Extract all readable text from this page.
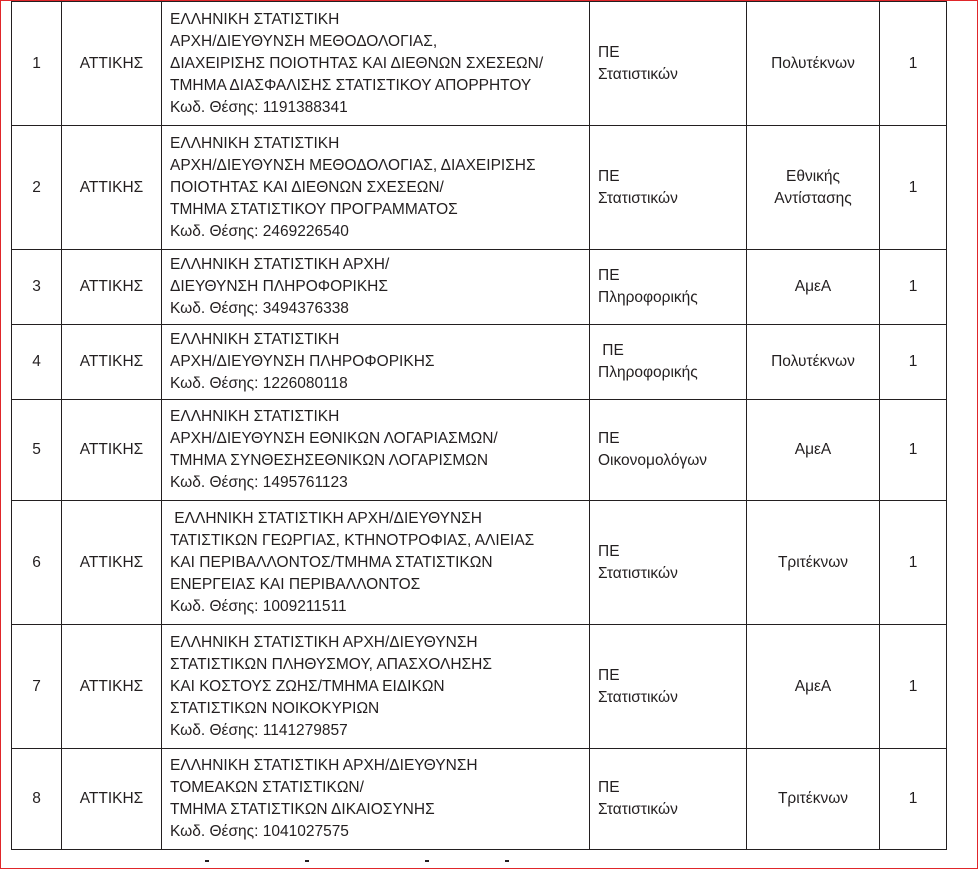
1	ΑΤΤΙΚΗΣ	ΕΛΛΗΝΙΚΗ ΣΤΑΤΙΣΤΙΚΗ
ΑΡΧΗ/ΔΙΕΥΘΥΝΣΗ ΜΕΘΟΔΟΛΟΓΙΑΣ,
ΔΙΑΧΕΙΡΙΣΗΣ ΠΟΙΟΤΗΤΑΣ ΚΑΙ ΔΙΕΘΝΩΝ ΣΧΕΣΕΩΝ/
ΤΜΗΜΑ ΔΙΑΣΦΑΛΙΣΗΣ ΣΤΑΤΙΣΤΙΚΟΥ ΑΠΟΡΡΗΤΟΥ
Κωδ. Θέσης: 1191388341	ΠΕ
Στατιστικών	Πολυτέκνων	1
2	ΑΤΤΙΚΗΣ	ΕΛΛΗΝΙΚΗ ΣΤΑΤΙΣΤΙΚΗ
ΑΡΧΗ/ΔΙΕΥΘΥΝΣΗ ΜΕΘΟΔΟΛΟΓΙΑΣ, ΔΙΑΧΕΙΡΙΣΗΣ
ΠΟΙΟΤΗΤΑΣ ΚΑΙ ΔΙΕΘΝΩΝ ΣΧΕΣΕΩΝ/
ΤΜΗΜΑ ΣΤΑΤΙΣΤΙΚΟΥ ΠΡΟΓΡΑΜΜΑΤΟΣ
Κωδ. Θέσης: 2469226540	ΠΕ
Στατιστικών	Εθνικής
Αντίστασης	1
3	ΑΤΤΙΚΗΣ	ΕΛΛΗΝΙΚΗ ΣΤΑΤΙΣΤΙΚΗ ΑΡΧΗ/
ΔΙΕΥΘΥΝΣΗ ΠΛΗΡΟΦΟΡΙΚΗΣ
Κωδ. Θέσης: 3494376338	ΠΕ
Πληροφορικής	ΑμεΑ	1
4	ΑΤΤΙΚΗΣ	ΕΛΛΗΝΙΚΗ ΣΤΑΤΙΣΤΙΚΗ
ΑΡΧΗ/ΔΙΕΥΘΥΝΣΗ ΠΛΗΡΟΦΟΡΙΚΗΣ
Κωδ. Θέσης: 1226080118	ΠΕ
Πληροφορικής	Πολυτέκνων	1
5	ΑΤΤΙΚΗΣ	ΕΛΛΗΝΙΚΗ ΣΤΑΤΙΣΤΙΚΗ
ΑΡΧΗ/ΔΙΕΥΘΥΝΣΗ ΕΘΝΙΚΩΝ ΛΟΓΑΡΙΑΣΜΩΝ/
ΤΜΗΜΑ ΣΥΝΘΕΣΗΣΕΘΝΙΚΩΝ ΛΟΓΑΡΙΣΜΩΝ
Κωδ. Θέσης: 1495761123	ΠΕ
Οικονομολόγων	ΑμεΑ	1
6	ΑΤΤΙΚΗΣ	ΕΛΛΗΝΙΚΗ ΣΤΑΤΙΣΤΙΚΗ ΑΡΧΗ/ΔΙΕΥΘΥΝΣΗ
ΤΑΤΙΣΤΙΚΩΝ ΓΕΩΡΓΙΑΣ, ΚΤΗΝΟΤΡΟΦΙΑΣ, ΑΛΙΕΙΑΣ
ΚΑΙ ΠΕΡΙΒΑΛΛΟΝΤΟΣ/ΤΜΗΜΑ ΣΤΑΤΙΣΤΙΚΩΝ
ΕΝΕΡΓΕΙΑΣ ΚΑΙ ΠΕΡΙΒΑΛΛΟΝΤΟΣ
Κωδ. Θέσης: 1009211511	ΠΕ
Στατιστικών	Τριτέκνων	1
7	ΑΤΤΙΚΗΣ	ΕΛΛΗΝΙΚΗ ΣΤΑΤΙΣΤΙΚΗ ΑΡΧΗ/ΔΙΕΥΘΥΝΣΗ
ΣΤΑΤΙΣΤΙΚΩΝ ΠΛΗΘΥΣΜΟΥ, ΑΠΑΣΧΟΛΗΣΗΣ
ΚΑΙ ΚΟΣΤΟΥΣ ΖΩΗΣ/ΤΜΗΜΑ ΕΙΔΙΚΩΝ
ΣΤΑΤΙΣΤΙΚΩΝ ΝΟΙΚΟΚΥΡΙΩΝ
Κωδ. Θέσης: 1141279857	ΠΕ
Στατιστικών	ΑμεΑ	1
8	ΑΤΤΙΚΗΣ	ΕΛΛΗΝΙΚΗ ΣΤΑΤΙΣΤΙΚΗ ΑΡΧΗ/ΔΙΕΥΘΥΝΣΗ
ΤΟΜΕΑΚΩΝ ΣΤΑΤΙΣΤΙΚΩΝ/
ΤΜΗΜΑ ΣΤΑΤΙΣΤΙΚΩΝ ΔΙΚΑΙΟΣΥΝΗΣ
Κωδ. Θέσης: 1041027575	ΠΕ
Στατιστικών	Τριτέκνων	1
